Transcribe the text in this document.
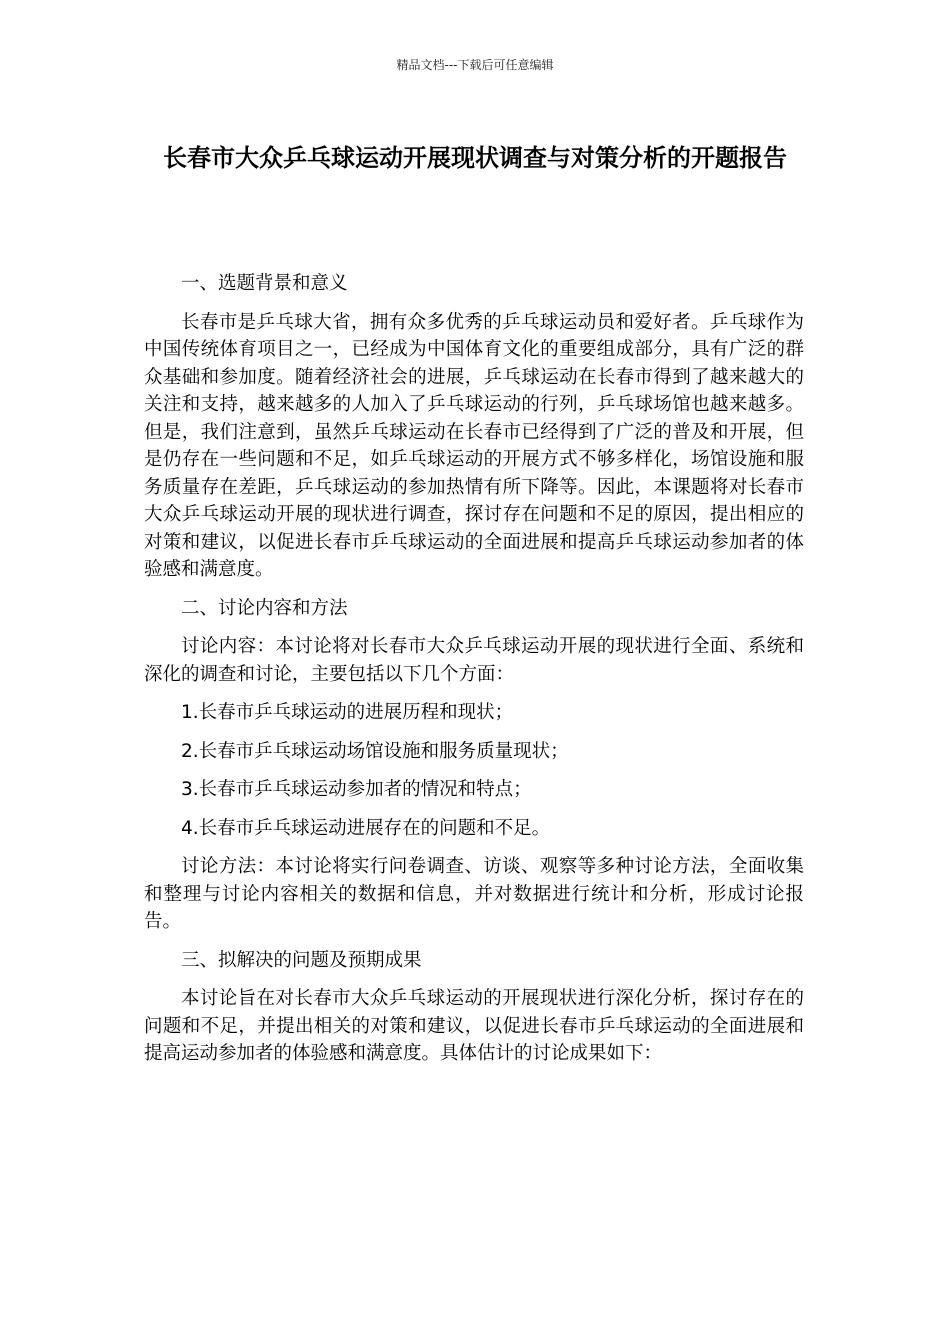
精品文档---下载后可任意编辑
长春市大众乒乓球运动开展现状调查与对策分析的开题报告

一、选题背景和意义

长春市是乒乓球大省，拥有众多优秀的乒乓球运动员和爱好者。乒乓球作为中国传统体育项目之一，已经成为中国体育文化的重要组成部分，具有广泛的群众基础和参加度。随着经济社会的进展，乒乓球运动在长春市得到了越来越大的关注和支持，越来越多的人加入了乒乓球运动的行列，乒乓球场馆也越来越多。但是，我们注意到，虽然乒乓球运动在长春市已经得到了广泛的普及和开展，但是仍存在一些问题和不足，如乒乓球运动的开展方式不够多样化，场馆设施和服务质量存在差距，乒乓球运动的参加热情有所下降等。因此，本课题将对长春市大众乒乓球运动开展的现状进行调查，探讨存在问题和不足的原因，提出相应的对策和建议，以促进长春市乒乓球运动的全面进展和提高乒乓球运动参加者的体验感和满意度。

二、讨论内容和方法

讨论内容：本讨论将对长春市大众乒乓球运动开展的现状进行全面、系统和深化的调查和讨论，主要包括以下几个方面：

1.长春市乒乓球运动的进展历程和现状；

2.长春市乒乓球运动场馆设施和服务质量现状；

3.长春市乒乓球运动参加者的情况和特点；

4.长春市乒乓球运动进展存在的问题和不足。

讨论方法：本讨论将实行问卷调查、访谈、观察等多种讨论方法，全面收集和整理与讨论内容相关的数据和信息，并对数据进行统计和分析，形成讨论报告。

三、拟解决的问题及预期成果

本讨论旨在对长春市大众乒乓球运动的开展现状进行深化分析，探讨存在的问题和不足，并提出相关的对策和建议，以促进长春市乒乓球运动的全面进展和提高运动参加者的体验感和满意度。具体估计的讨论成果如下：
